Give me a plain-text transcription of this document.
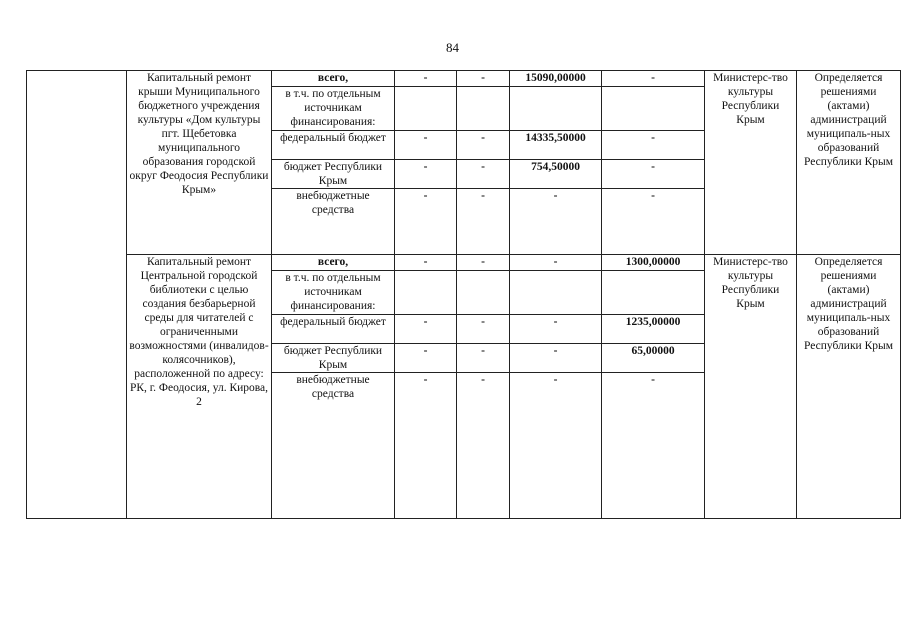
84
	Капитальный ремонт крыши Муниципального бюджетного учреждения культуры «Дом культуры пгт. Щебетовка муниципального образования городской округ Феодосия Республики Крым»	всего,	-	-	15090,00000	-	Министерс-тво культуры Республики Крым	Определяется решениями (актами) администраций муниципаль-ных образований Республики Крым
		в т.ч. по отдельным источникам финансирования:						
		федеральный бюджет	-	-	14335,50000	-		
		бюджет Республики Крым	-	-	754,50000	-		
		внебюджетные средства	-	-	-	-		
	Капитальный ремонт Центральной городской библиотеки с целью создания безбарьерной среды для читателей с ограниченными возможностями (инвалидов-колясочников), расположенной по адресу: РК, г. Феодосия, ул. Кирова, 2	всего,	-	-	-	1300,00000	Министерс-тво культуры Республики Крым	Определяется решениями (актами) администраций муниципаль-ных образований Республики Крым
		в т.ч. по отдельным источникам финансирования:						
		федеральный бюджет	-	-	-	1235,00000		
		бюджет Республики Крым	-	-	-	65,00000		
		внебюджетные средства	-	-	-	-		
